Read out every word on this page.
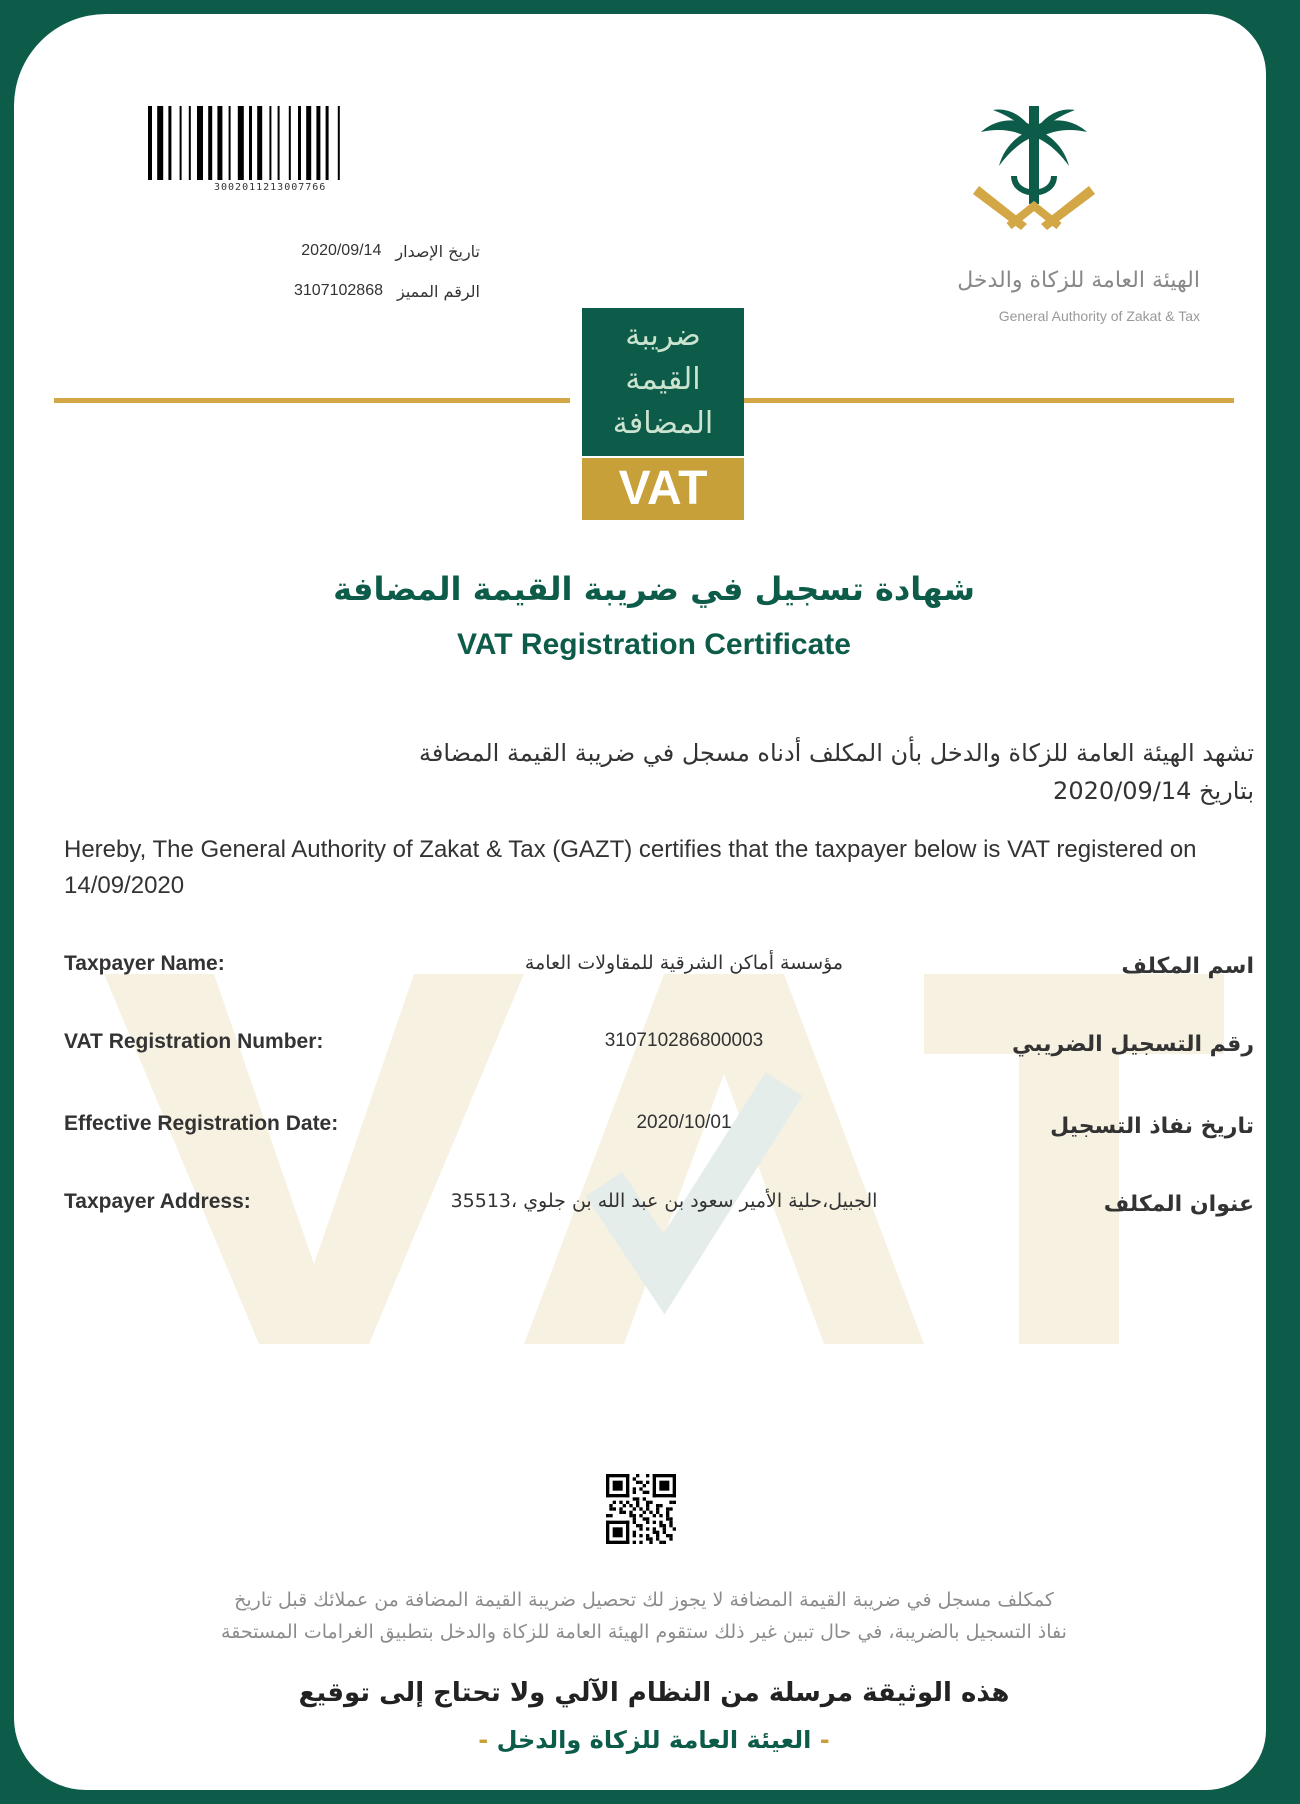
3002011213007766
2020/09/14 تاريخ الإصدار
3107102868 الرقم المميز	الهيئة العامة للزكاة والدخل
General Authority of Zakat & Tax
ضريبة
القيمة
المضافة
VAT
شهادة تسجيل في ضريبة القيمة المضافة
VAT Registration Certificate
تشهد الهيئة العامة للزكاة والدخل بأن المكلف أدناه مسجل في ضريبة القيمة المضافة
بتاريخ 2020/09/14
Hereby, The General Authority of Zakat & Tax (GAZT) certifies that the taxpayer below is VAT registered on 14/09/2020
Taxpayer Name:	مؤسسة أماكن الشرقية للمقاولات العامة	اسم المكلف
VAT Registration Number:	310710286800003	رقم التسجيل الضريبي
Effective Registration Date:	2020/10/01	تاريخ نفاذ التسجيل
Taxpayer Address:	الجبيل،حلية الأمير سعود بن عبد الله بن جلوي ،35513	عنوان المكلف
كمكلف مسجل في ضريبة القيمة المضافة لا يجوز لك تحصيل ضريبة القيمة المضافة من عملائك قبل تاريخ
نفاذ التسجيل بالضريبة، في حال تبين غير ذلك ستقوم الهيئة العامة للزكاة والدخل بتطبيق الغرامات المستحقة
هذه الوثيقة مرسلة من النظام الآلي ولا تحتاج إلى توقيع
- العيئة العامة للزكاة والدخل -
